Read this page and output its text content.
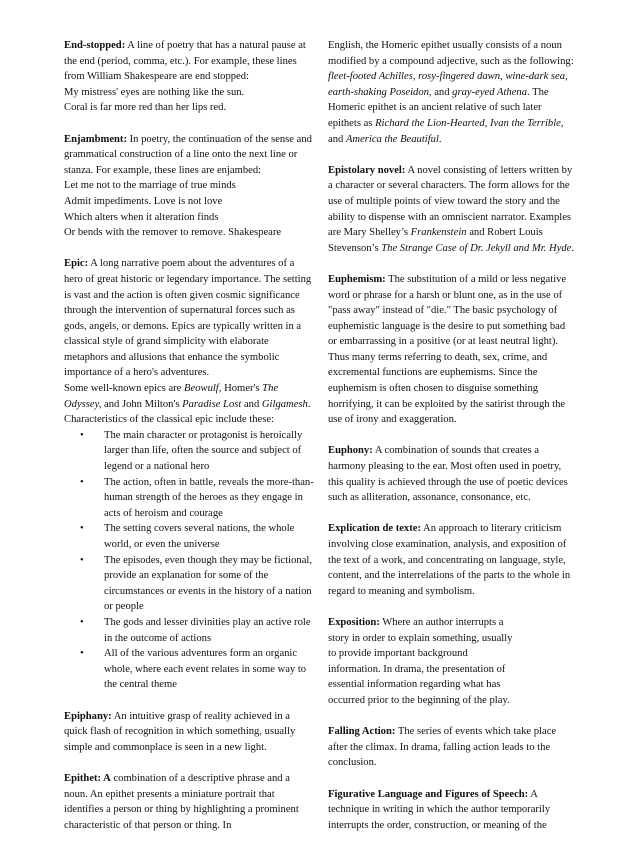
End-stopped: A line of poetry that has a natural pause at the end (period, comma, etc.). For example, these lines from William Shakespeare are end stopped:

My mistress' eyes are nothing like the sun.

Coral is far more red than her lips red.

Enjambment: In poetry, the continuation of the sense and grammatical construction of a line onto the next line or stanza. For example, these lines are enjambed:

Let me not to the marriage of true minds

Admit impediments. Love is not love

Which alters when it alteration finds

Or bends with the remover to remove. Shakespeare

Epic: A long narrative poem about the adventures of a hero of great historic or legendary importance. The setting is vast and the action is often given cosmic significance through the intervention of supernatural forces such as gods, angels, or demons. Epics are typically written in a classical style of grand simplicity with elaborate metaphors and allusions that enhance the symbolic importance of a hero's adventures.

Some well-known epics are Beowulf, Homer's The Odyssey, and John Milton's Paradise Lost and Gilgamesh. Characteristics of the classical epic include these:

• The main character or protagonist is heroically larger than life, often the source and subject of legend or a national hero
• The action, often in battle, reveals the more-than-human strength of the heroes as they engage in acts of heroism and courage
• The setting covers several nations, the whole world, or even the universe
• The episodes, even though they may be fictional, provide an explanation for some of the circumstances or events in the history of a nation or people
• The gods and lesser divinities play an active role in the outcome of actions
• All of the various adventures form an organic whole, where each event relates in some way to the central theme

Epiphany: An intuitive grasp of reality achieved in a quick flash of recognition in which something, usually simple and commonplace is seen in a new light.

Epithet: A combination of a descriptive phrase and a noun. An epithet presents a miniature portrait that identifies a person or thing by highlighting a prominent characteristic of that person or thing. In

English, the Homeric epithet usually consists of a noun modified by a compound adjective, such as the following: fleet-footed Achilles, rosy-fingered dawn, wine-dark sea, earth-shaking Poseidon, and gray-eyed Athena. The Homeric epithet is an ancient relative of such later epithets as Richard the Lion-Hearted, Ivan the Terrible, and America the Beautiful.

Epistolary novel: A novel consisting of letters written by a character or several characters. The form allows for the use of multiple points of view toward the story and the ability to dispense with an omniscient narrator. Examples are Mary Shelley’s Frankenstein and Robert Louis Stevenson’s The Strange Case of Dr. Jekyll and Mr. Hyde.

Euphemism: The substitution of a mild or less negative word or phrase for a harsh or blunt one, as in the use of "pass away" instead of "die." The basic psychology of euphemistic language is the desire to put something bad or embarrassing in a positive (or at least neutral light). Thus many terms referring to death, sex, crime, and excremental functions are euphemisms. Since the euphemism is often chosen to disguise something horrifying, it can be exploited by the satirist through the use of irony and exaggeration.

Euphony: A combination of sounds that creates a harmony pleasing to the ear. Most often used in poetry, this quality is achieved through the use of poetic devices such as alliteration, assonance, consonance, etc.

Explication de texte: An approach to literary criticism involving close examination, analysis, and exposition of the text of a work, and concentrating on language, style, content, and the interrelations of the parts to the whole in regard to meaning and symbolism.

Exposition: Where an author interrupts a

story in order to explain something, usually

to provide important background

information. In drama, the presentation of

essential information regarding what has

occurred prior to the beginning of the play.

Falling Action: The series of events which take place after the climax. In drama, falling action leads to the conclusion.

Figurative Language and Figures of Speech: A technique in writing in which the author temporarily interrupts the order, construction, or meaning of the
